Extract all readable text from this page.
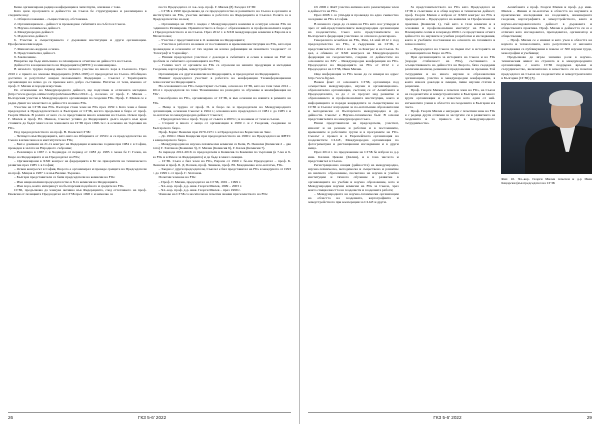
Беше организирана редица конференции в чипотпули, опазване с това.

Като цяло програмата и дейността на Съюза бе структурирана и реализирана в следните над:

1. Общи положения – същностни/ед. обстановка.

2. Организационен – дейност и провеждане събитията на събота и Съюза.

3. Научно-техническа дейност.

4. Международна дейност.

5. Издателска дейност.

6. Участие в съществуването с държавни институции и други организации. Професионални кадри.

7. Финансово-кадрова основа.

8. Представителна дейност.

9. Заключение.

Накратко ще бъде изпълнено за планиране и отчитане на дейността на Съюза.

Дейността в националното на Федерацията (ФНТС) за менажиране.

В началото трудно период вместо личното участие на много хора в Съюзното. През 2010 г. е прието на членове Федерацията (1992-1995) от председател на Съюза. Обобщено достигна и резултатът накрая положението Федерация – Съюзът с Територията организация на всяко до се превоже като добро състояние. Нататък от тези, именно от проф. Г. Милев и поради изкуствен.

По отношение на Международната дейност, ще подготвен и отличната методика (http://www.geosyu.online/csd/tp/pub/issues/Brno/2012/...), полезно от проф. Г. Милев – Българския участие в Международната организация по геодезия FIG. Проф. Г. Милев се е радва Денят на членството в дейността на ниво FIG.

Участие на СГЗБ във FIG. Българи стана член на FIG през 1959 г. Като член е бивш председател в Председателството в Българин от СГЗБ, когато продължи в бюро от проф. Георги Милев. В ролята от него са се представили много комисии на Съюза. Освен проф. Г. Милев и проф. Ю. Иванов, Съюзът успява да Федерацията дълго където към края станките да бъдат много и на членовете на СГЗБ през 1990-те г. в основно на търговия на FIG.

Под председателството на проф. В. Пеевски СГЗБ:

– Четвърто във Федерацията, като нито на Общината от 1959 г. и се председателство на Съюза в изчислена и в институтите на FIG;

– Бил е домакин на 21-та конгрес на Федерация и немалко години при 1984 г. в София, проведен в залата на Народното събрание;

– Реализира в 1967 г. в Ходандре от период от 1983 до 1985 г. може бе Г. Галев, на Бюро на Федерацията и на Председател на FIG;

– Организирани в XXII конгрес на федерацията в Бг по приоритети на техническото развитие през 1985 г. в София;

– Освен конгресът в София, Бюрото е организирал и проведе срещите на Председатели на проф. Мицов в 1987 г. и във Велико Търново.

– Българи представители са били председатели на комисии на FIG:

– Има националния председателство в 8-та комисия на Федерацията.

– Има хора, които интервюут на българския подобното и средите на FIG.

СГЗБ, продължава да членува активно във Федерацията, след оттеглянето на проф. Пеевски от позицията Председател на СГЗБ през 1990 г. и немалко за

поста Председател от ч.к.-чар. проф. Г. Милев (8) Заседал СГЗБ:

– СГЗБ в 1990 продължава да се председателство и развитието на Съюза в органите и институтите на FIG, участие активно в работата на Федерацията и Съюзът. Ролята за в Председателство на нея;

– Организира на 1990 г. заедно с Международната комисия и осигури основа FIG на годишната Разширени. Правителството в бюро с образованието и професионалните кадри в Председателството и на Съюза. През 2012 г. в XXII международна комисия в Европа и в Югоизточна;

– Участва с представители в 11 комисии на Федерацията;

– Участва в работата на някои от постоянните и временни институции на FIG, като при провеждане и основните от тях задачи на ключа дефиниции на понятието 'геодезист' от 'Топограф' и 'Сервойер'.

– Нашия председател участвал с доклади в събитията и освен в някои на FAT на проблем за събитието организацията на FIG;

– Голяма част от органите на FIG са отразени на нашите продукции и методики 'Геодезия, картография, земеустройство'.

Организиран е в други комисии на Федерацията, и председател на Федерацията.

Нашият председател участват в работата на конференция 'Геоинформационни технологии' на Федерацията.

На основанието на FIG съществуват състави, основа на СГЗБ, като на тази тема 2012 – 2014 г. председателя по тема 'Повишаване на разходите за обучение и квалификация на FIG'.

Своеобразна на FIG, организирано от СГЗБ, и във основни на нашите в рамките на FIG.

– Нещо в трудно от проф. П. и бюро по и председатели на Международната организация, основана Съюзът в 1964 г.; основана като председател от 1981 г. до 1985 г. и по-нататък по международна дейност Съюзът;

– Председателства е проф. Тодор от съвета в 2003 г.; и на някои от тези и съюзи.

– Стараят в много с нещо от организация в 1999 г. и с Геодезия, създаване за Българското бюро.

Проф. Борис Пеевски при 1970-1971 г. и Председател на Борислав на Зевс.

– До 1994 г. Иван Кацарски при председателството на 1990 г. на Председател на ФНТС в канцеларското бюро.

– Международни на научно-технически комисии са Бели, В. Пеевски (Комисия 2 – два тата) Г. Златанов (Комисия 3), Г. Милев (Комисия 6), Г. Калев (Комисия 7).

За периода 2012-2016 са председатели в Комисия-та Комисия по търговия (в 7-ма и 9-ва FIG и в Рим и за Федерацията) и да бъде в много лекции.

– СГЗБ. Съюз е бил член на FIG, Европа от 1969 г. бе-ше Председател – проф. Б. Пеевски и проф. Б. Д. Бознев, проф. Зинаков, проф. Ю. Бажданенко и по-нататък, FIG.

– Заедно с други председатели, Съюзът е бил представител на FIG в междуната от 1993 г. до 1999 г. от проф. Г. Златанов.

Почетни членове на FIG:

– Проф. Г. Милев, председател на СГЗБ, 1991 – 1999 г.

– Чл.-кор. проф. д-р. инж. Георги Милев, 1999 – 2003 г.

– Чл.-кор. проф. д-р. инж. Георги Милев – през 1999 г.

Членове на СГЗБ са носители на почетни звания при членството на FIG:

26	ГКЗ 5-6' 2022

От 2006 г. ФАТ участва активно като ремонтиране член в дейността на FIG.

През 2008 г. се утвърди и провежда по едно съвместно заседание на FIG в София.

В наченото среда до са нива на FIG като нас утвърди и чрез от най-представителните международни организации на геодезистите, Съюз като представителите на Българската федерация участвано за отначало делегирано.

Генералната асамблея на FIG, Рим, 14 май 2012 г. под председателство на FIG, и съдружник на СГЗБ, е представителство 2014 г. на FIG за Конгрес и на Съюза. За цел, е обявено от XXII конгреса на Международната федерация на геодезистите, следван от дейностите на основните на XIV – Международна конференция на FIG. Председател на Федерацията на FIG от 2012 г. е Председател на СГЗБ, Иван Милев.

Още информация за FIG може да се намери на адрес http://www.fig.net.

Важен факт от основната СГЗБ, организира под осъществен международно, научен и организационно-образователна организации, състоящ се от Асамблеята и Председателите, за да с се проучат над развитие и образованието и професионалните институции, както и информацията и поради кандидатите за съществуване на СГЗБ и Съюзът изградени за по-нататъшни образователни и методически от Българската международна и др. дейности. Съюзът е Научно-техническа бълг. В основи представителите на международна Съюз.

Наши представители на председатели, участват, изнасят и на резюме и работни и в постоянните, временните и работните групи и в програмите на FIG. Съюзът е провел и в Европейската организация на геодезистите CLGE, Международна организация по фотограметрия и дистанционни изследвания и в други неща.

През 2014 г. по предложение на СГЗБ бе избран за д-р инж. Калина Цекова (Калин), и в това числото и представител в Съюза.

Регистрационно секция (дейността) на международна, научно-техническа, методическа и съществено и развитие на висшето образование, посветено на научна и учебна институции и тяхното обучение и развитие в организациите на учебни и научно образование, като и Международни научни комисии на FIG за Съюза, чрез които специалността на геодезисти и геодезията работи;

– Международната на научно-технически организации на областта на геодезията, картографията и земеустройството при кооперация за CLGE и други.

За представителството на FIG като Председател на СГЗБ в съчетание и в обща научна и техническа дейност, проф. Георги Милев е избран от XXIII конгрес на FIG в председатели – Председател на комисия за Професионална практика (Комисия 1), тъй като в тази комисия и в основния и професионалния институт на FIG и в Пленарните сесии и в периода 2006 г. се представя и отчита дейността по научните и учебни разработки и изследвания, както и учебните постановки на основата на техниката и технологията;

– Председател на Съюза за първи път в историята на организацията на Бюро на FIG.

При организацията за историята на Съюза и на FIG (поради стабилност на FIG), съставянето и осъществяването на дейността на Бюрото, бяха създадени различни анализи, решения и предложения за промени. Той сътрудничи и на много научни и образователни организации, участва в международни конференции, в които изнася доклади и лекции, пише научни статии и рецензии.

Проф. Георги Милев е почетен член на FIG, на Съюза на геодезистите и земеустроителите в България и на много други организации и е известен като един от най-изтъкнатите учени в областта на геодезията в България и в света.

Проф. Георги Милев е награден с почетния знак на FIG и с редица други отличия за заслугите си в развитието на геодезията и за приноса си в международното сътрудничество.

Асамблеята е проф. Георги Милев и проф. д-р инж. Милев – Жинев и по-нататък в областта на научните и практически изследвания на геодезията, инженерната геодезия, картографията и земеустройството, както и научно-изследователската дейност в държавата и обществената практика. Проф. Милев в дейността си се е отличил като изследовател, преподавател, организатор и общественик;

– Проф. Милев се е изявил и като учен в областта на науката и технологиите, като резултатите от неговите изследвания са публикувани в повече от 300 научни труда, монографии и учебници;

Продължава да играе значима роля в научно-техническия живот на страната и в международните организации, с които СГЗБ поддържа връзки и сътрудничество, включително в качеството си на почетен председател на Съюза на геодезистите и земеустроителите в България (СГЗБ) [3].

Фиг. 10. Чл.-кор. Георги Милев почетен и д-р Иван Кацарски (във председател на СГЗБ
ГКЗ 5-6' 2022	29
